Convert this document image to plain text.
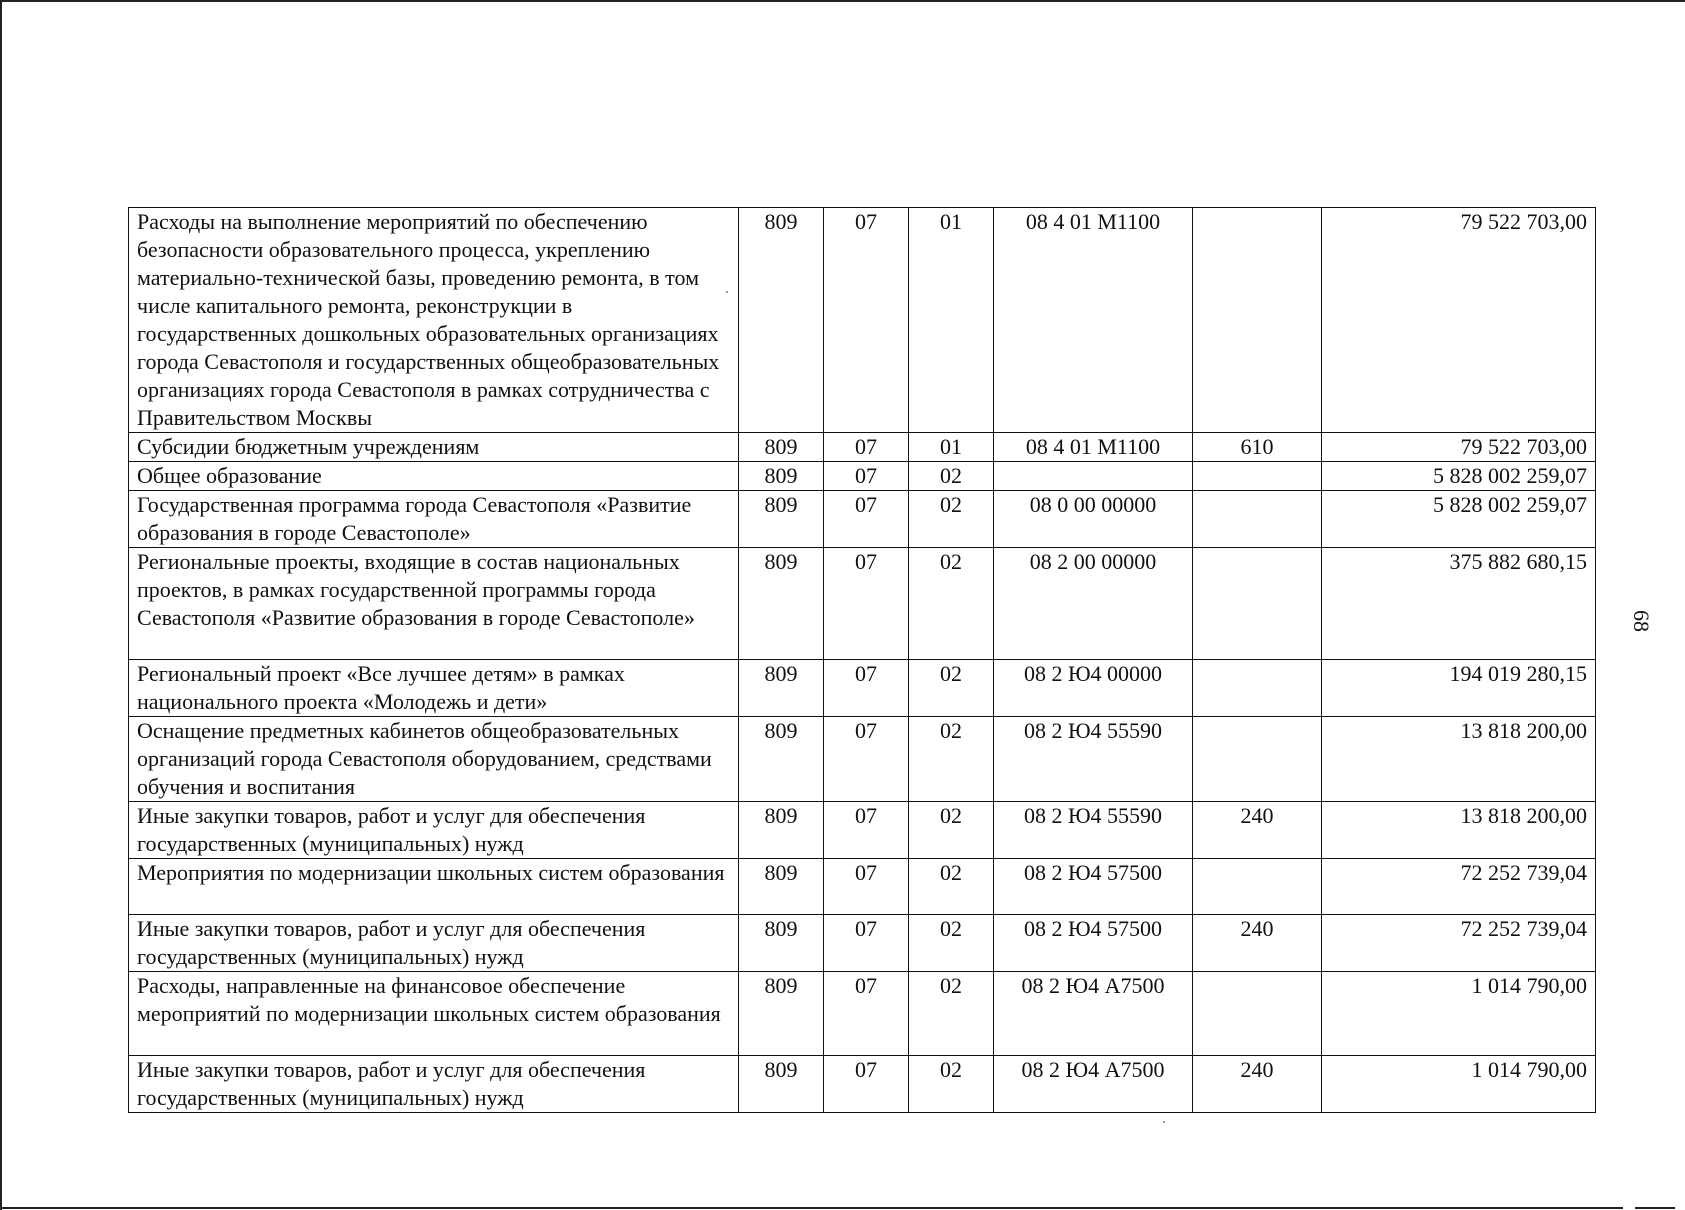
68
Расходы на выполнение мероприятий по обеспечению безопасности образовательного процесса, укреплению материально-технической базы, проведению ремонта, в том числе капитального ремонта, реконструкции в государственных дошкольных образовательных организациях города Севастополя и государственных общеобразовательных организациях города Севастополя в рамках сотрудничества с Правительством Москвы	809	07	01	08 4 01 M1100		79 522 703,00
Субсидии бюджетным учреждениям	809	07	01	08 4 01 M1100	610	79 522 703,00
Общее образование	809	07	02			5 828 002 259,07
Государственная программа города Севастополя «Развитие образования в городе Севастополе»	809	07	02	08 0 00 00000		5 828 002 259,07
Региональные проекты, входящие в состав национальных проектов, в рамках государственной программы города Севастополя «Развитие образования в городе Севастополе»	809	07	02	08 2 00 00000		375 882 680,15
Региональный проект «Все лучшее детям» в рамках национального проекта «Молодежь и дети»	809	07	02	08 2 Ю4 00000		194 019 280,15
Оснащение предметных кабинетов общеобразовательных организаций города Севастополя оборудованием, средствами обучения и воспитания	809	07	02	08 2 Ю4 55590		13 818 200,00
Иные закупки товаров, работ и услуг для обеспечения государственных (муниципальных) нужд	809	07	02	08 2 Ю4 55590	240	13 818 200,00
Мероприятия по модернизации школьных систем образования	809	07	02	08 2 Ю4 57500		72 252 739,04
Иные закупки товаров, работ и услуг для обеспечения государственных (муниципальных) нужд	809	07	02	08 2 Ю4 57500	240	72 252 739,04
Расходы, направленные на финансовое обеспечение мероприятий по модернизации школьных систем образования	809	07	02	08 2 Ю4 A7500		1 014 790,00
Иные закупки товаров, работ и услуг для обеспечения государственных (муниципальных) нужд	809	07	02	08 2 Ю4 A7500	240	1 014 790,00
